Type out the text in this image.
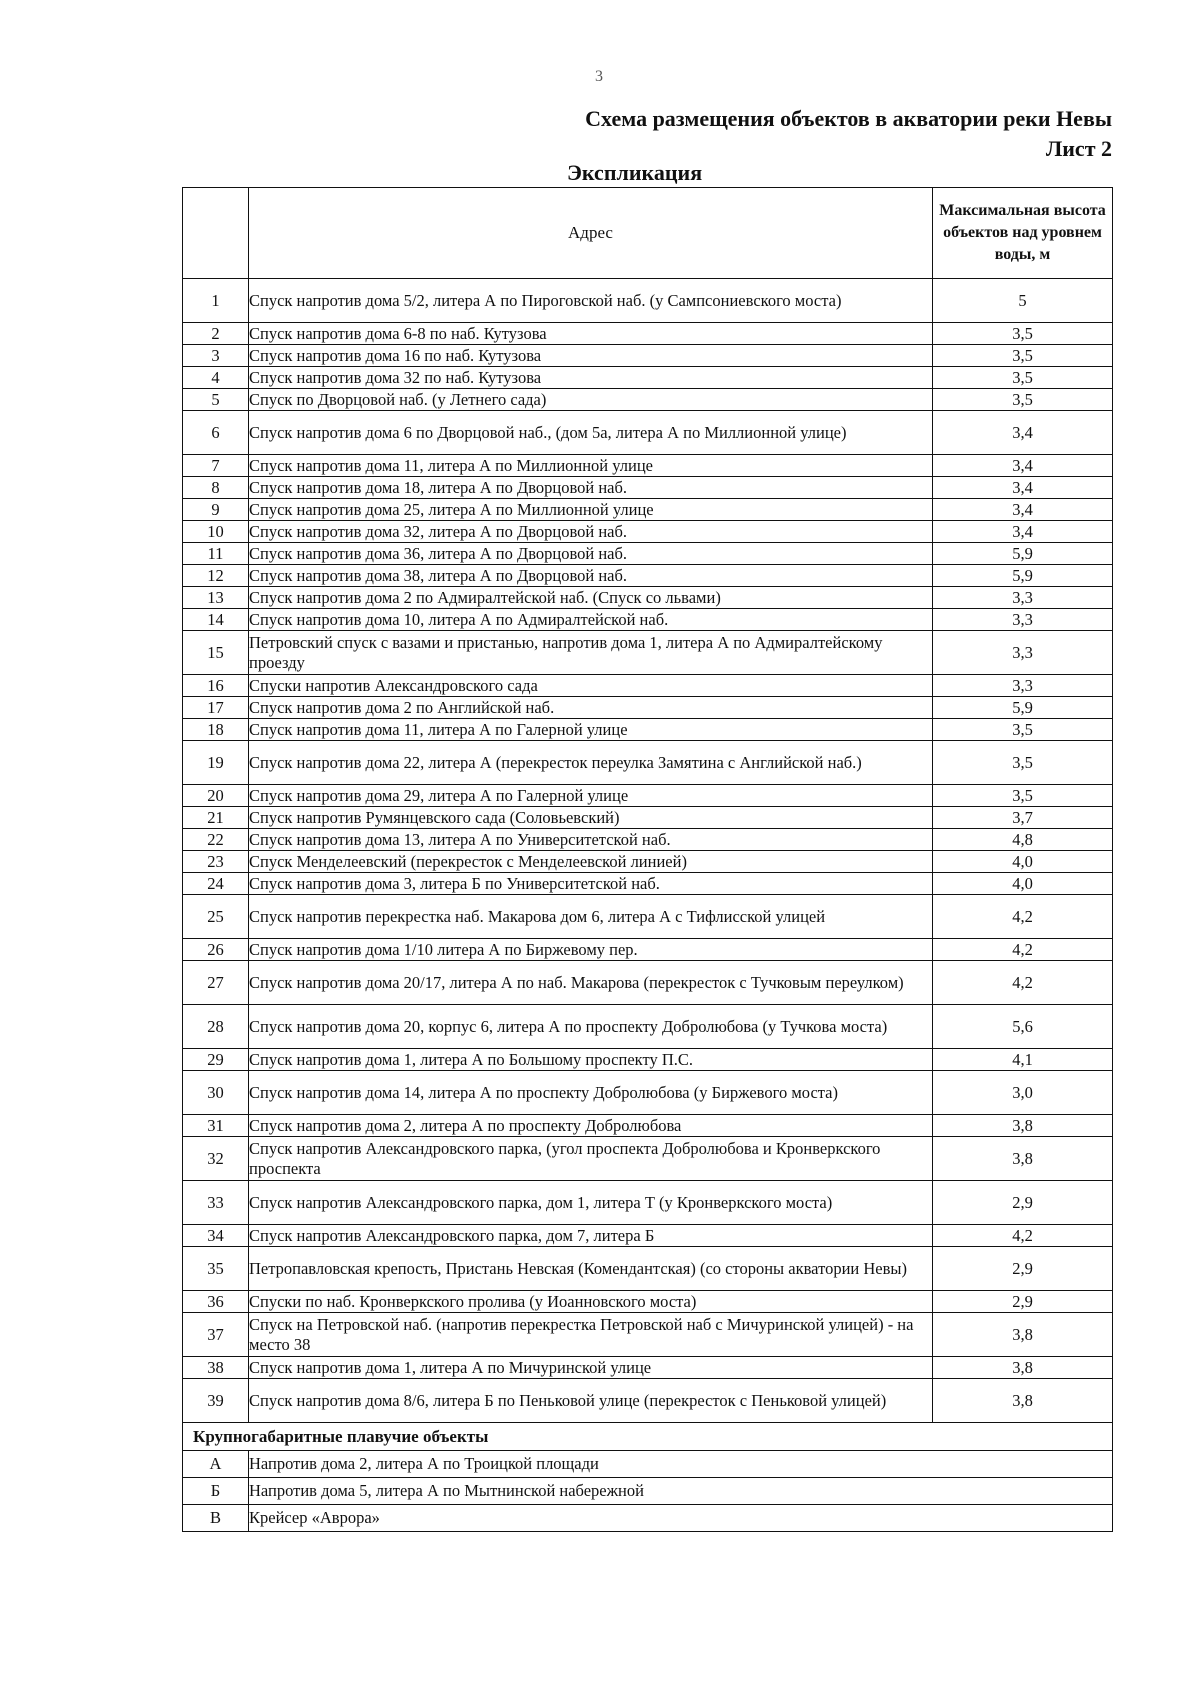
3
Схема размещения объектов в акватории реки Невы
Лист 2
Экспликация
	Адрес	Максимальная высота объектов над уровнем воды, м
1	Спуск напротив дома 5/2, литера А по Пироговской наб. (у Сампсониевского моста)	5
2	Спуск напротив дома 6-8 по наб. Кутузова	3,5
3	Спуск напротив дома 16 по наб. Кутузова	3,5
4	Спуск напротив дома 32 по наб. Кутузова	3,5
5	Спуск по Дворцовой наб. (у Летнего сада)	3,5
6	Спуск напротив дома 6 по Дворцовой наб., (дом 5а, литера А по Миллионной улице)	3,4
7	Спуск напротив дома 11, литера А по Миллионной улице	3,4
8	Спуск напротив дома 18, литера А по Дворцовой наб.	3,4
9	Спуск напротив дома 25, литера А по Миллионной улице	3,4
10	Спуск напротив дома 32, литера А по Дворцовой наб.	3,4
11	Спуск напротив дома 36, литера А по Дворцовой наб.	5,9
12	Спуск напротив дома 38, литера А по Дворцовой наб.	5,9
13	Спуск напротив дома 2 по Адмиралтейской наб. (Спуск со львами)	3,3
14	Спуск напротив дома 10, литера А по Адмиралтейской наб.	3,3
15	Петровский спуск с вазами и пристанью, напротив дома 1, литера А по Адмиралтейскому проезду	3,3
16	Спуски напротив Александровского сада	3,3
17	Спуск напротив дома 2 по Английской наб.	5,9
18	Спуск напротив дома 11, литера А по Галерной улице	3,5
19	Спуск напротив дома 22, литера А (перекресток переулка Замятина с Английской наб.)	3,5
20	Спуск напротив дома 29, литера А по Галерной улице	3,5
21	Спуск напротив Румянцевского сада (Соловьевский)	3,7
22	Спуск напротив дома 13, литера А по Университетской наб.	4,8
23	Спуск Менделеевский (перекресток с Менделеевской линией)	4,0
24	Спуск напротив дома 3, литера Б по Университетской наб.	4,0
25	Спуск напротив перекрестка наб. Макарова дом 6, литера А с Тифлисской улицей	4,2
26	Спуск напротив дома 1/10 литера А по Биржевому пер.	4,2
27	Спуск напротив дома 20/17, литера А по наб. Макарова (перекресток с Тучковым переулком)	4,2
28	Спуск напротив дома 20, корпус 6, литера А по проспекту Добролюбова (у Тучкова моста)	5,6
29	Спуск напротив дома 1, литера А по Большому проспекту П.С.	4,1
30	Спуск напротив дома 14, литера А по проспекту Добролюбова (у Биржевого моста)	3,0
31	Спуск напротив дома 2, литера А по проспекту Добролюбова	3,8
32	Спуск напротив Александровского парка, (угол проспекта Добролюбова и Кронверкского проспекта	3,8
33	Спуск напротив Александровского парка, дом 1, литера Т (у Кронверкского моста)	2,9
34	Спуск напротив Александровского парка, дом 7, литера Б	4,2
35	Петропавловская крепость, Пристань Невская (Комендантская) (со стороны акватории Невы)	2,9
36	Спуски по наб. Кронверкского пролива (у Иоанновского моста)	2,9
37	Спуск на Петровской наб. (напротив перекрестка Петровской наб с Мичуринской улицей) - на место 38	3,8
38	Спуск напротив дома 1, литера А по Мичуринской улице	3,8
39	Спуск напротив дома 8/6, литера Б по Пеньковой улице (перекресток с Пеньковой улицей)	3,8
Крупногабаритные плавучие объекты		
А	Напротив дома 2, литера А по Троицкой площади	
Б	Напротив дома 5, литера А по Мытнинской набережной	
В	Крейсер «Аврора»	
